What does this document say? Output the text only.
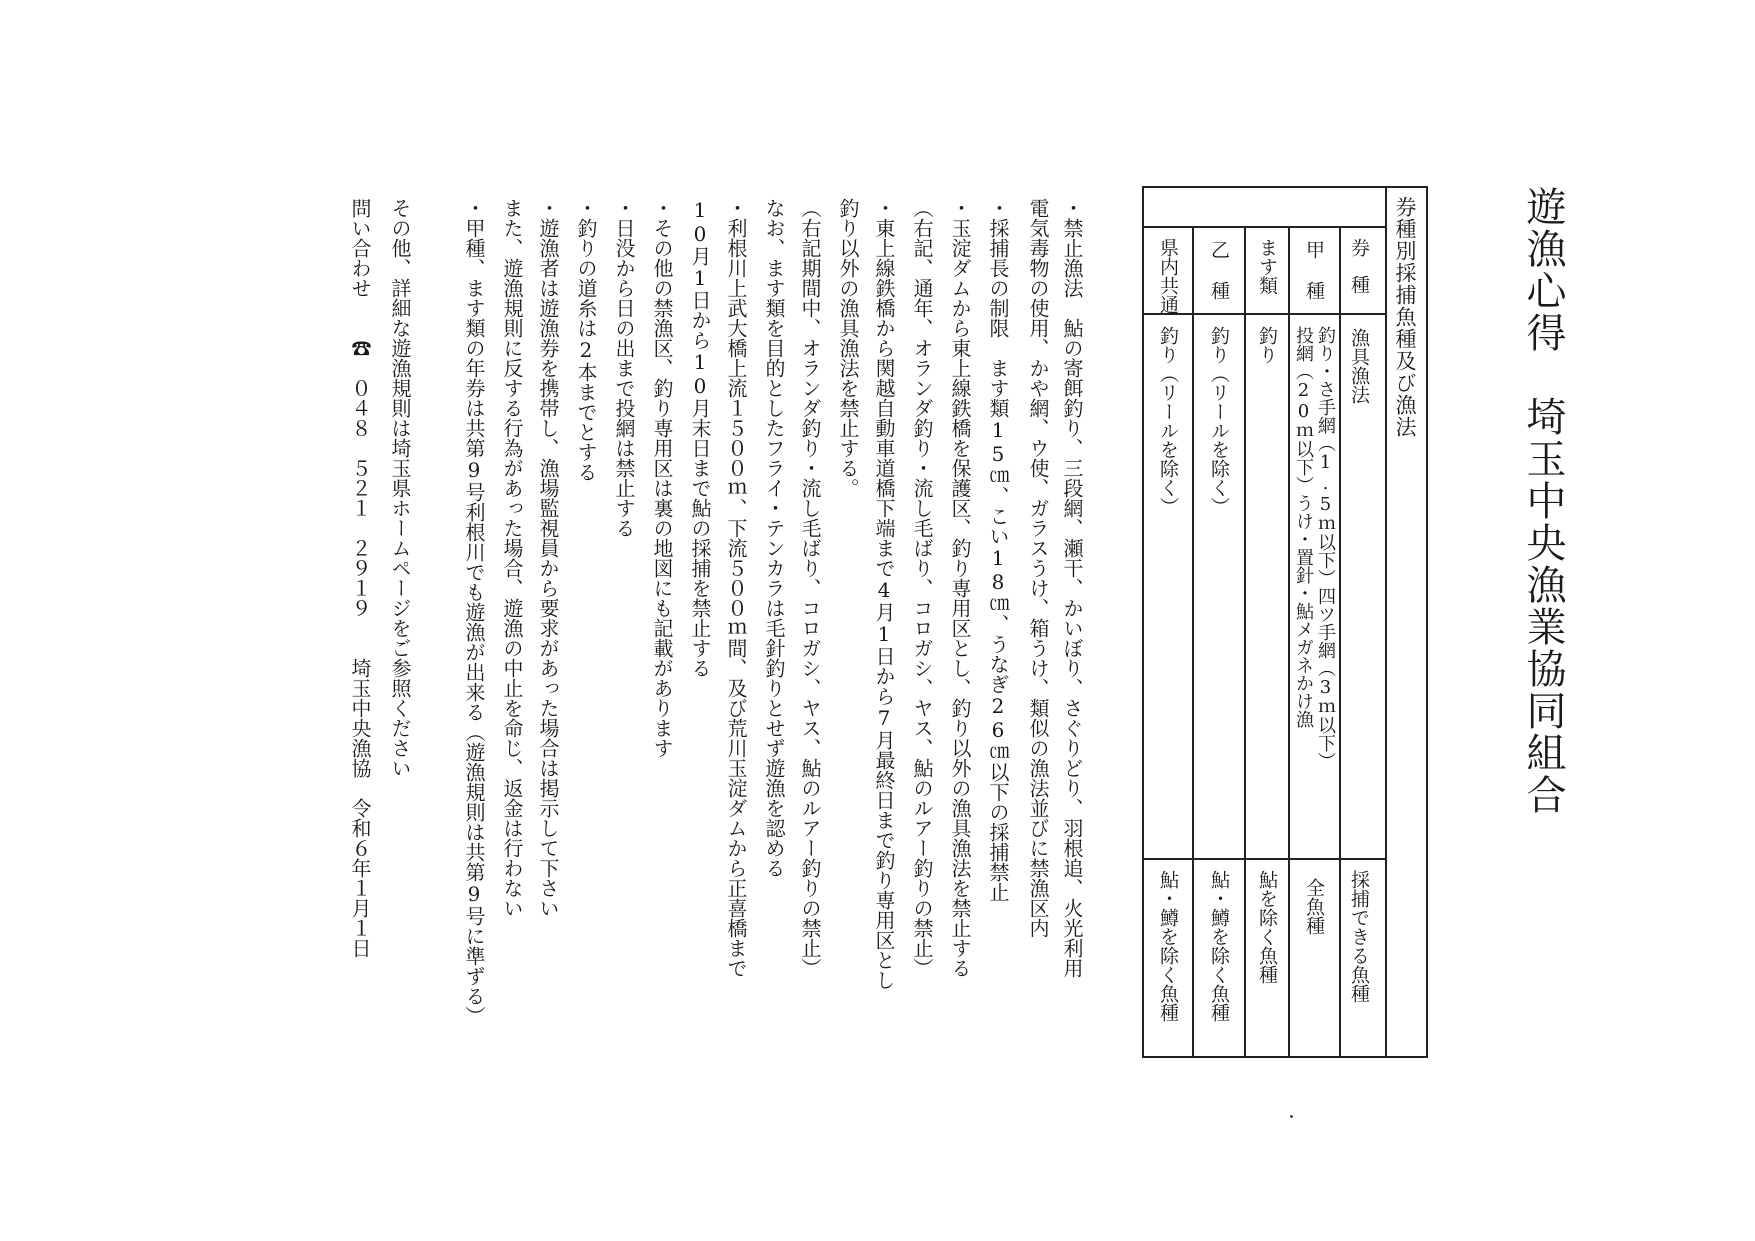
遊漁心得　埼玉中央漁業協同組合
券種別採捕魚種及び漁法
券種
漁具漁法
採捕できる魚種
甲種
釣り・さ手網（1.5ｍ以下）四ツ手網（3ｍ以下）
投網（20ｍ以下）うけ・置針・鮎メガネかけ漁
全魚種
ます類
釣り
鮎を除く魚種
乙種
釣り（リールを除く）
鮎・鱒を除く魚種
県内共通
釣り（リールを除く）
鮎・鱒を除く魚種
・禁止漁法　鮎の寄餌釣り、三段網、瀬干、かいぼり、さぐりどり、羽根追、火光利用
電気毒物の使用、かや網、ウ使、ガラスうけ、箱うけ、類似の漁法並びに禁漁区内
・採捕長の制限　ます類15㎝、こい18㎝、うなぎ26㎝以下の採捕禁止
・玉淀ダムから東上線鉄橋を保護区、釣り専用区とし、釣り以外の漁具漁法を禁止する
（右記、通年、オランダ釣り・流し毛ばり、コロガシ、ヤス、鮎のルアー釣りの禁止）
・東上線鉄橋から関越自動車道橋下端まで4月1日から7月最終日まで釣り専用区とし
釣り以外の漁具漁法を禁止する。
（右記期間中、オランダ釣り・流し毛ばり、コロガシ、ヤス、鮎のルアー釣りの禁止）
なお、ます類を目的としたフライ・テンカラは毛針釣りとせず遊漁を認める
・利根川上武大橋上流１５００ｍ、下流５００ｍ間、及び荒川玉淀ダムから正喜橋まで
10月1日から10月末日まで鮎の採捕を禁止する
・その他の禁漁区、釣り専用区は裏の地図にも記載があります
・日没から日の出まで投網は禁止する
・釣りの道糸は2本までとする
・遊漁者は遊漁券を携帯し、漁場監視員から要求があった場合は掲示して下さい
また、遊漁規則に反する行為があった場合、遊漁の中止を命じ、返金は行わない
・甲種、ます類の年券は共第9号利根川でも遊漁が出来る（遊漁規則は共第9号に準ずる）
その他、詳細な遊漁規則は埼玉県ホームページをご参照ください
問い合わせ　　☎　０４８　５２１　２９１９　　埼玉中央漁協　令和６年１月１日
